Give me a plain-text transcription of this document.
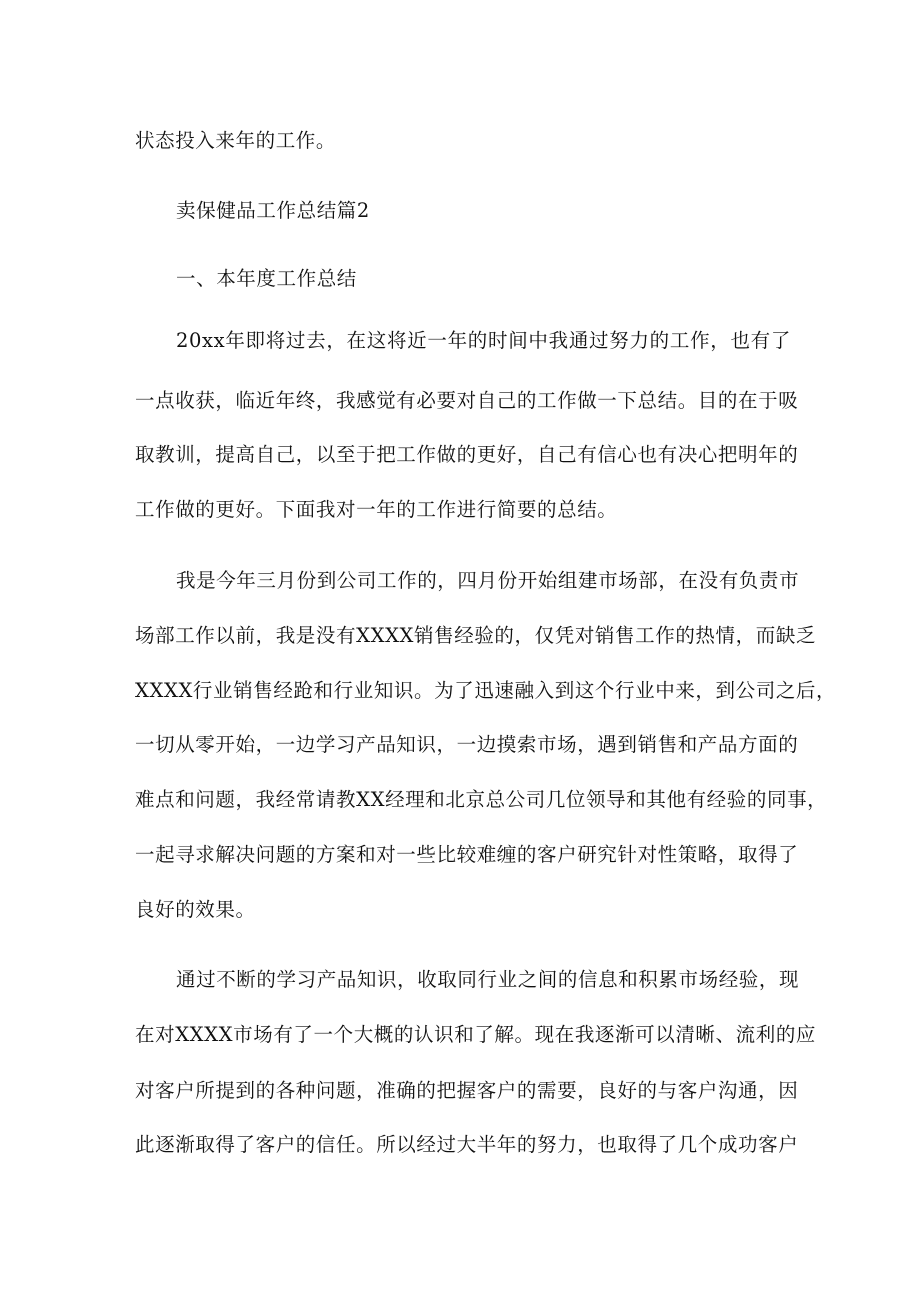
状态投入来年的工作。
卖保健品工作总结篇2
一、本年度工作总结
20xx年即将过去，在这将近一年的时间中我通过努力的工作，也有了
一点收获，临近年终，我感觉有必要对自己的工作做一下总结。目的在于吸
取教训，提高自己，以至于把工作做的更好，自己有信心也有决心把明年的
工作做的更好。下面我对一年的工作进行简要的总结。
我是今年三月份到公司工作的，四月份开始组建市场部，在没有负责市
场部工作以前，我是没有XXXX销售经验的，仅凭对销售工作的热情，而缺乏
XXXX行业销售经跄和行业知识。为了迅速融入到这个行业中来，到公司之后，
一切从零开始，一边学习产品知识，一边摸索市场，遇到销售和产品方面的
难点和问题，我经常请教XX经理和北京总公司几位领导和其他有经验的同事，
一起寻求解决问题的方案和对一些比较难缠的客户研究针对性策略，取得了
良好的效果。
通过不断的学习产品知识，收取同行业之间的信息和积累市场经验，现
在对XXXX市场有了一个大概的认识和了解。现在我逐渐可以清晰、流利的应
对客户所提到的各种问题，准确的把握客户的需要，良好的与客户沟通，因
此逐渐取得了客户的信任。所以经过大半年的努力，也取得了几个成功客户
